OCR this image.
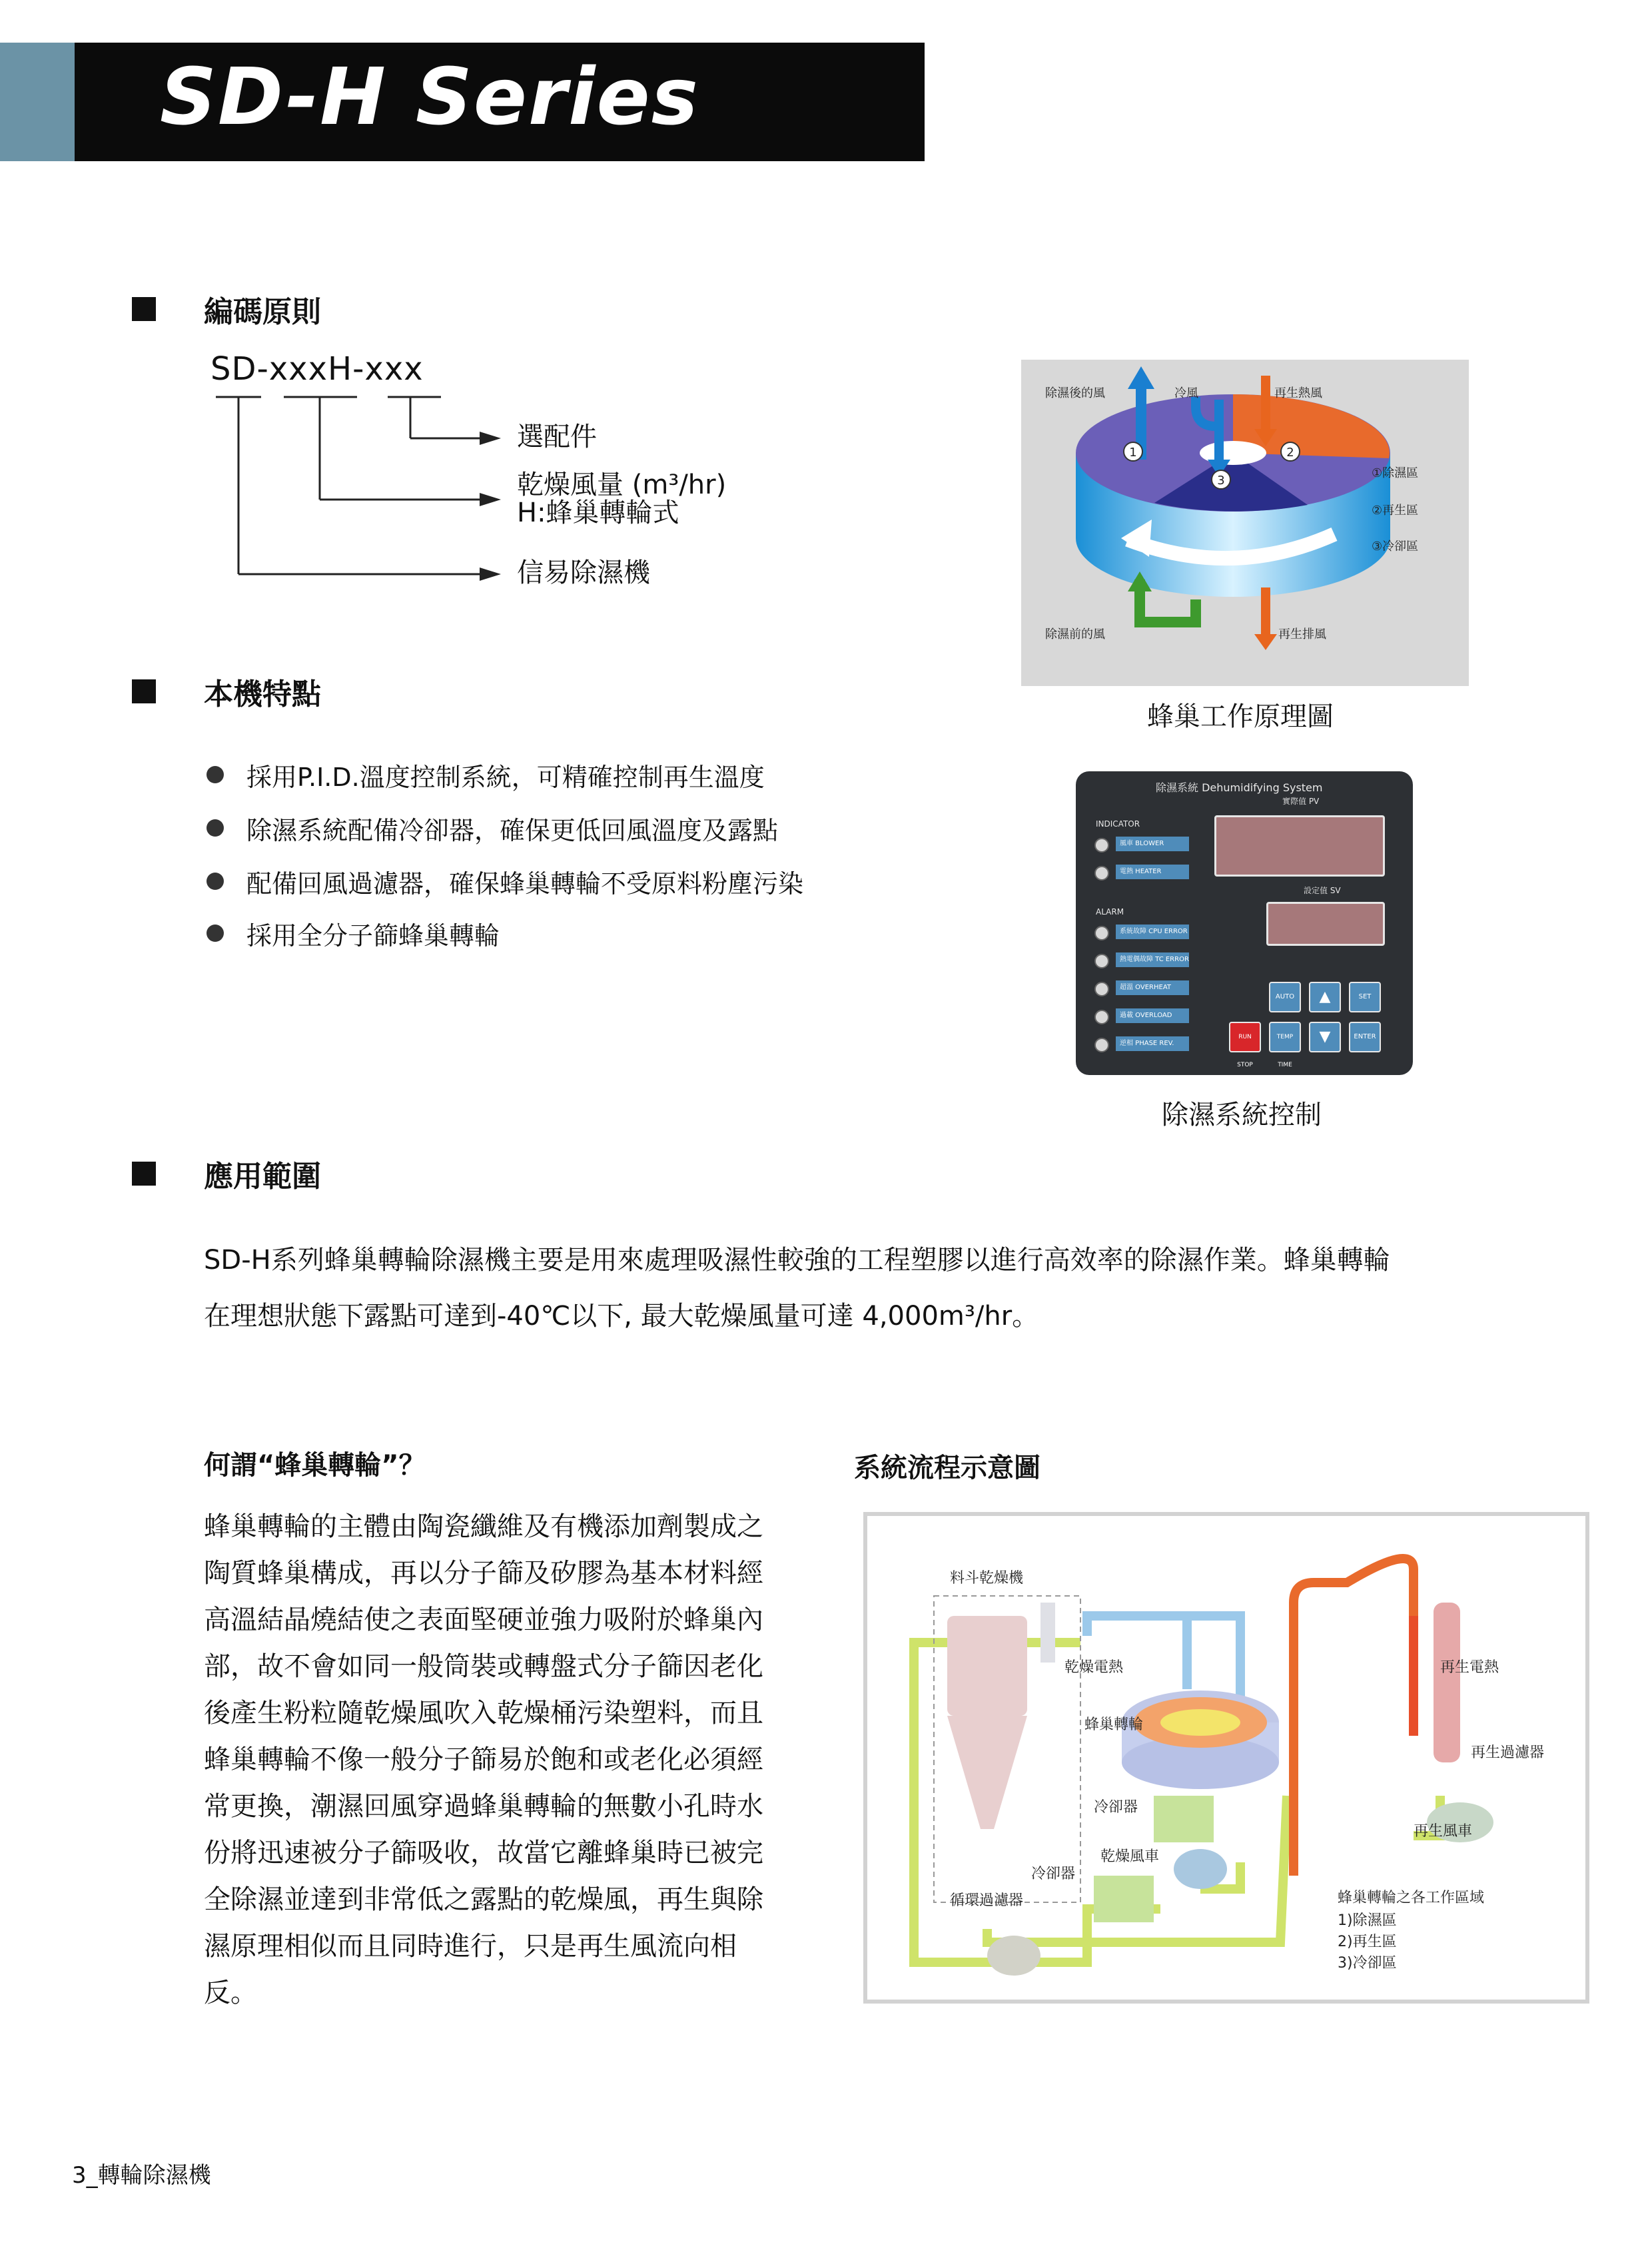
SD-H Series
編碼原則
SD-xxxH-xxx
選配件
乾燥風量 (m³/hr)
H:蜂巢轉輪式
信易除濕機
1	2
3
除濕後的風	冷風	再生熱風
除濕前的風	再生排風
①除濕區
②再生區
③冷卻區
蜂巢工作原理圖
本機特點
採用P.I.D.溫度控制系統，可精確控制再生溫度
除濕系統配備冷卻器，確保更低回風溫度及露點
配備回風過濾器，確保蜂巢轉輪不受原料粉塵污染
採用全分子篩蜂巢轉輪
除濕系統 Dehumidifying System
實際值 PV
設定值 SV
INDICATOR
風車 BLOWER
電熱 HEATER
ALARM
系統故障 CPU ERROR
熱電偶故障 TC ERROR
超溫 OVERHEAT
過載 OVERLOAD
逆相 PHASE REV.
AUTO	▲	SET
RUN STOP
TEMP TIME
▼	ENTER
除濕系統控制
應用範圍
SD-H系列蜂巢轉輪除濕機主要是用來處理吸濕性較強的工程塑膠以進行高效率的除濕作業。蜂巢轉輪
在理想狀態下露點可達到-40℃以下, 最大乾燥風量可達 4,000m³/hr。
何謂“蜂巢轉輪”？
蜂巢轉輪的主體由陶瓷纖維及有機添加劑製成之
陶質蜂巢構成，再以分子篩及矽膠為基本材料經
高溫結晶燒結使之表面堅硬並強力吸附於蜂巢內
部，故不會如同一般筒裝或轉盤式分子篩因老化
後產生粉粒隨乾燥風吹入乾燥桶污染塑料，而且
蜂巢轉輪不像一般分子篩易於飽和或老化必須經
常更換，潮濕回風穿過蜂巢轉輪的無數小孔時水
份將迅速被分子篩吸收，故當它離蜂巢時已被完
全除濕並達到非常低之露點的乾燥風，再生與除
濕原理相似而且同時進行，只是再生風流向相
反。
系統流程示意圖
料斗乾燥機
乾燥電熱
蜂巢轉輪
冷卻器
乾燥風車
冷卻器
循環過濾器
再生電熱
再生過濾器
再生風車
蜂巢轉輪之各工作區域
1)除濕區
2)再生區
3)冷卻區
3_轉輪除濕機
